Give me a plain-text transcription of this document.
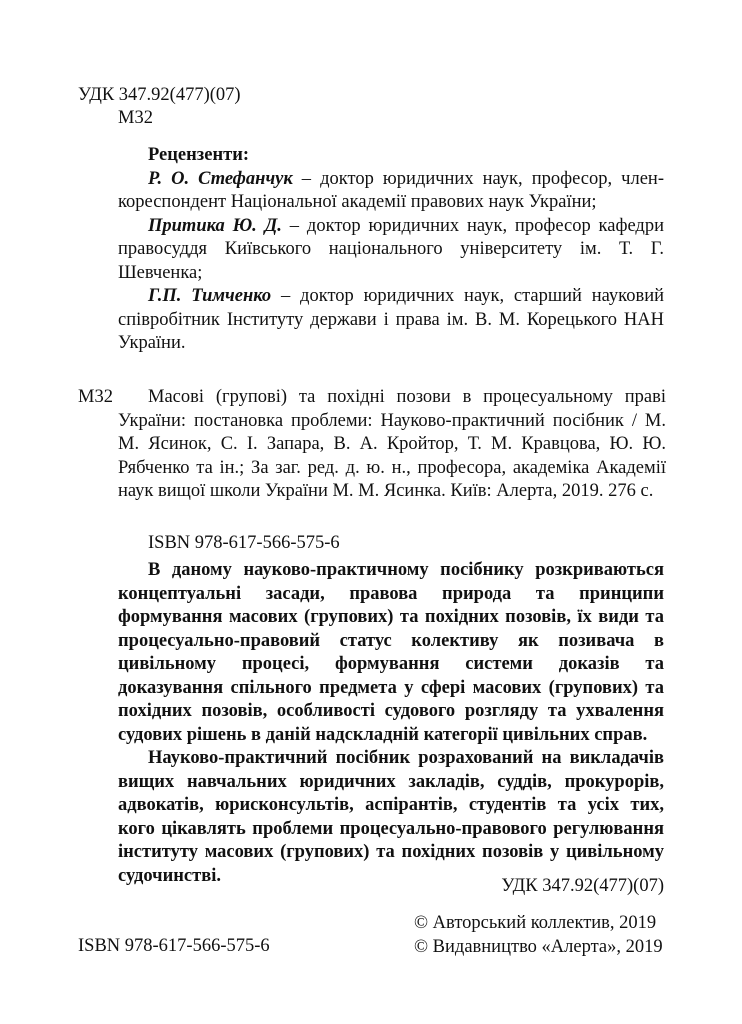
УДК 347.92(477)(07)
М32

Рецензенти:

Р. О. Стефанчук – доктор юридичних наук, професор, член-кореспондент Національної академії правових наук України;

Притика Ю. Д. – доктор юридичних наук, професор кафедри правосуддя Київського національного університету ім. Т. Г. Шевченка;

Г.П. Тимченко – доктор юридичних наук, старший науковий співробітник Інституту держави і права ім. В. М. Корецького НАН України.

М32	Масові (групові) та похідні позови в процесуальному праві України: постановка проблеми: Науково-практичний посібник / М. М. Ясинок, С. І. Запара, В. А. Кройтор, Т. М. Кравцова, Ю. Ю. Рябченко та ін.; За заг. ред. д. ю. н., професора, академіка Академії наук вищої школи України М. М. Ясинка. Київ: Алерта, 2019. 276 с.
ISBN 978-617-566-575-6

В даному науково-практичному посібнику розкриваються концептуальні засади, правова природа та принципи формування масових (групових) та похідних позовів, їх види та процесуально-правовий статус колективу як позивача в цивільному процесі, формування системи доказів та доказування спільного предмета у сфері масових (групових) та похідних позовів, особливості судового розгляду та ухвалення судових рішень в даній надскладній категорії цивільних справ.

Науково-практичний посібник розрахований на викладачів вищих навчальних юридичних закладів, суддів, прокурорів, адвокатів, юрисконсультів, аспірантів, студентів та усіх тих, кого цікавлять проблеми процесуально-правового регулювання інституту масових (групових) та похідних позовів у цивільному судочинстві.

УДК 347.92(477)(07)
ISBN 978-617-566-575-6
© Авторський коллектив, 2019
© Видавництво «Алерта», 2019
